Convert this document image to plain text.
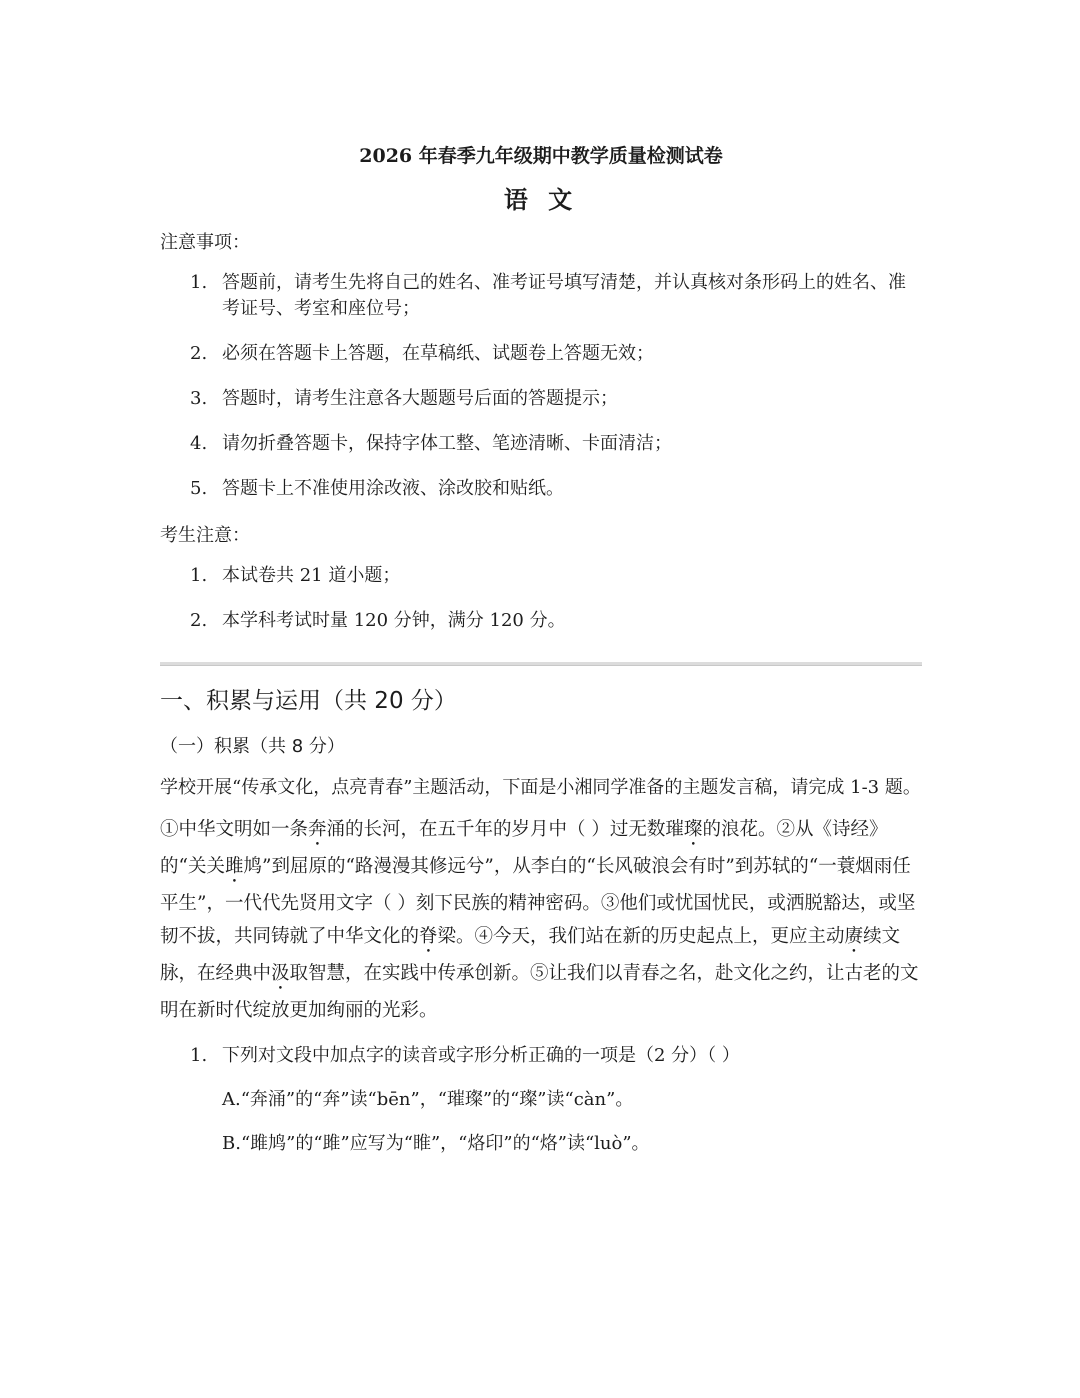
2026 年春季九年级期中教学质量检测试卷
语 文
注意事项：
1. 答题前，请考生先将自己的姓名、准考证号填写清楚，并认真核对条形码上的姓名、准考证号、考室和座位号；
2. 必须在答题卡上答题，在草稿纸、试题卷上答题无效；
3. 答题时，请考生注意各大题题号后面的答题提示；
4. 请勿折叠答题卡，保持字体工整、笔迹清晰、卡面清洁；
5. 答题卡上不准使用涂改液、涂改胶和贴纸。
考生注意：
1. 本试卷共 21 道小题；
2. 本学科考试时量 120 分钟，满分 120 分。
一、积累与运用（共 20 分）
（一）积累（共 8 分）

学校开展“传承文化，点亮青春”主题活动，下面是小湘同学准备的主题发言稿，请完成 1-3 题。

①中华文明如一条奔涌的长河，在五千年的岁月中（ ）过无数璀璨的浪花。②从《诗经》的“关关雎鸠”到屈原的“路漫漫其修远兮”，从李白的“长风破浪会有时”到苏轼的“一蓑烟雨任平生”，一代代先贤用文字（ ）刻下民族的精神密码。③他们或忧国忧民，或洒脱豁达，或坚韧不拔，共同铸就了中华文化的脊梁。④今天，我们站在新的历史起点上，更应主动赓续文脉，在经典中汲取智慧，在实践中传承创新。⑤让我们以青春之名，赴文化之约，让古老的文明在新时代绽放更加绚丽的光彩。

1. 下列对文段中加点字的读音或字形分析正确的一项是（2 分）（ ）
A.“奔涌”的“奔”读“bēn”，“璀璨”的“璨”读“càn”。
B.“雎鸠”的“雎”应写为“睢”，“烙印”的“烙”读“luò”。
